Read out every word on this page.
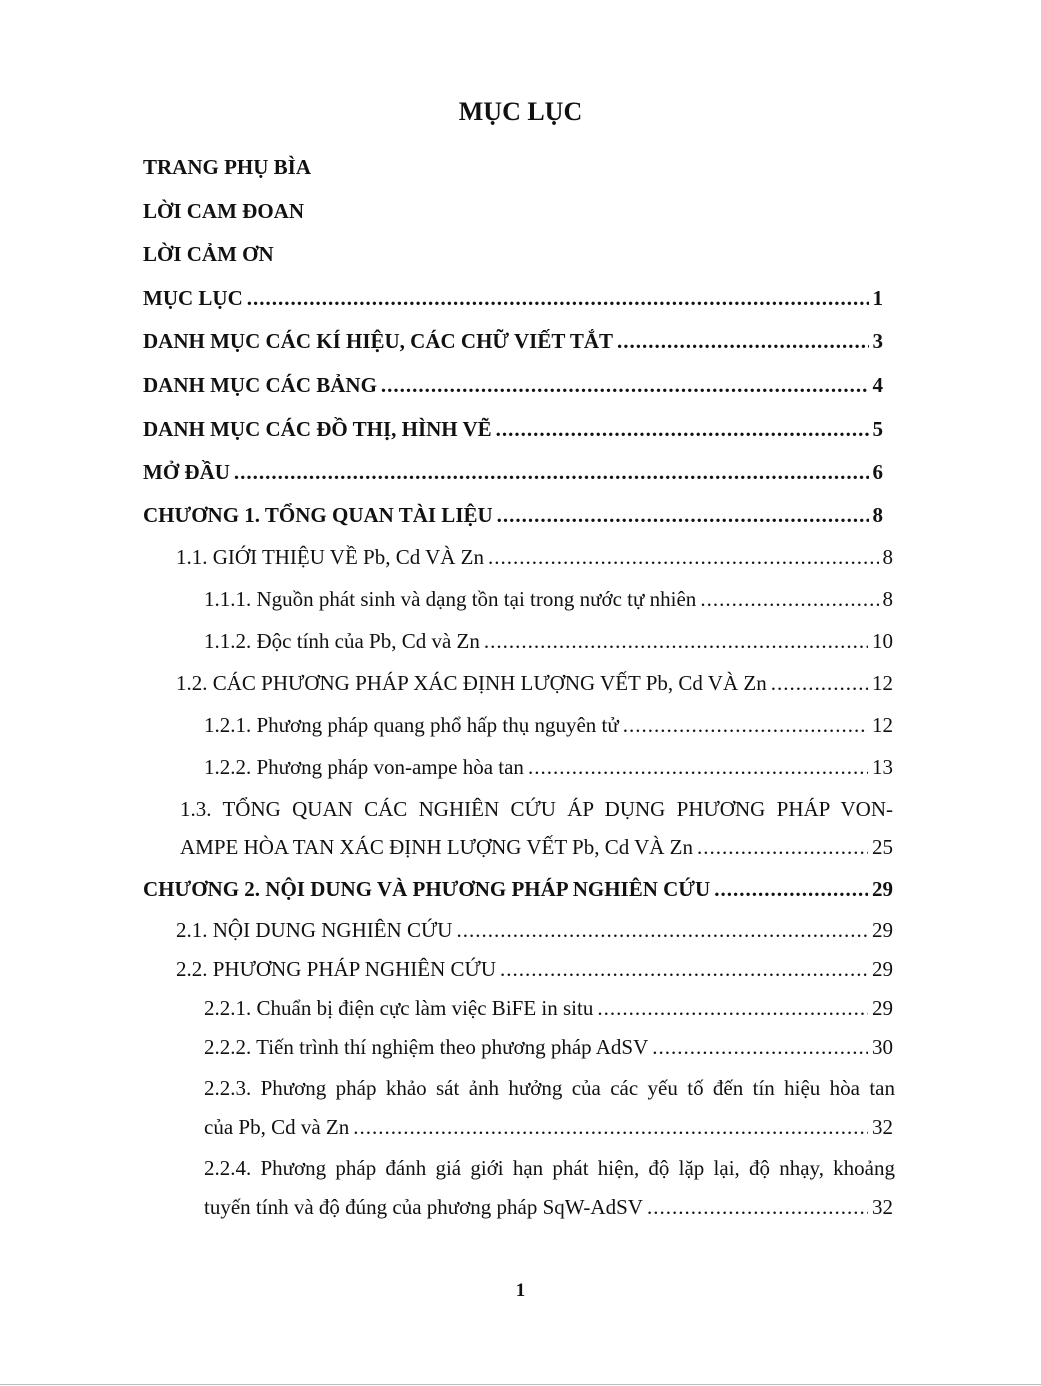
MỤC LỤC
TRANG PHỤ BÌA
LỜI CAM ĐOAN
LỜI CẢM ƠN
MỤC LỤC .....	1
DANH MỤC CÁC KÍ HIỆU, CÁC CHỮ VIẾT TẮT .....	3
DANH MỤC CÁC BẢNG .....	4
DANH MỤC CÁC ĐỒ THỊ, HÌNH VẼ .....	5
MỞ ĐẦU .....	6
CHƯƠNG 1. TỔNG QUAN TÀI LIỆU .....	8
1.1. GIỚI THIỆU VỀ Pb, Cd VÀ Zn .....	8
1.1.1. Nguồn phát sinh và dạng tồn tại trong nước tự nhiên .....	8
1.1.2. Độc tính của Pb, Cd và Zn .....	10
1.2. CÁC PHƯƠNG PHÁP XÁC ĐỊNH LƯỢNG VẾT Pb, Cd VÀ Zn .....	12
1.2.1. Phương pháp quang phổ hấp thụ nguyên tử .....	12
1.2.2. Phương pháp von-ampe hòa tan .....	13
1.3. TỔNG QUAN CÁC NGHIÊN CỨU ÁP DỤNG PHƯƠNG PHÁP VON-
AMPE HÒA TAN XÁC ĐỊNH LƯỢNG VẾT Pb, Cd VÀ Zn .....	25
CHƯƠNG 2. NỘI DUNG VÀ PHƯƠNG PHÁP NGHIÊN CỨU .....	29
2.1. NỘI DUNG NGHIÊN CỨU .....	29
2.2. PHƯƠNG PHÁP NGHIÊN CỨU .....	29
2.2.1. Chuẩn bị điện cực làm việc BiFE in situ .....	29
2.2.2. Tiến trình thí nghiệm theo phương pháp AdSV .....	30
2.2.3. Phương pháp khảo sát ảnh hưởng của các yếu tố đến tín hiệu hòa tan
của Pb, Cd và Zn .....	32
2.2.4. Phương pháp đánh giá giới hạn phát hiện, độ lặp lại, độ nhạy, khoảng
tuyến tính và độ đúng của phương pháp SqW-AdSV .....	32
1
